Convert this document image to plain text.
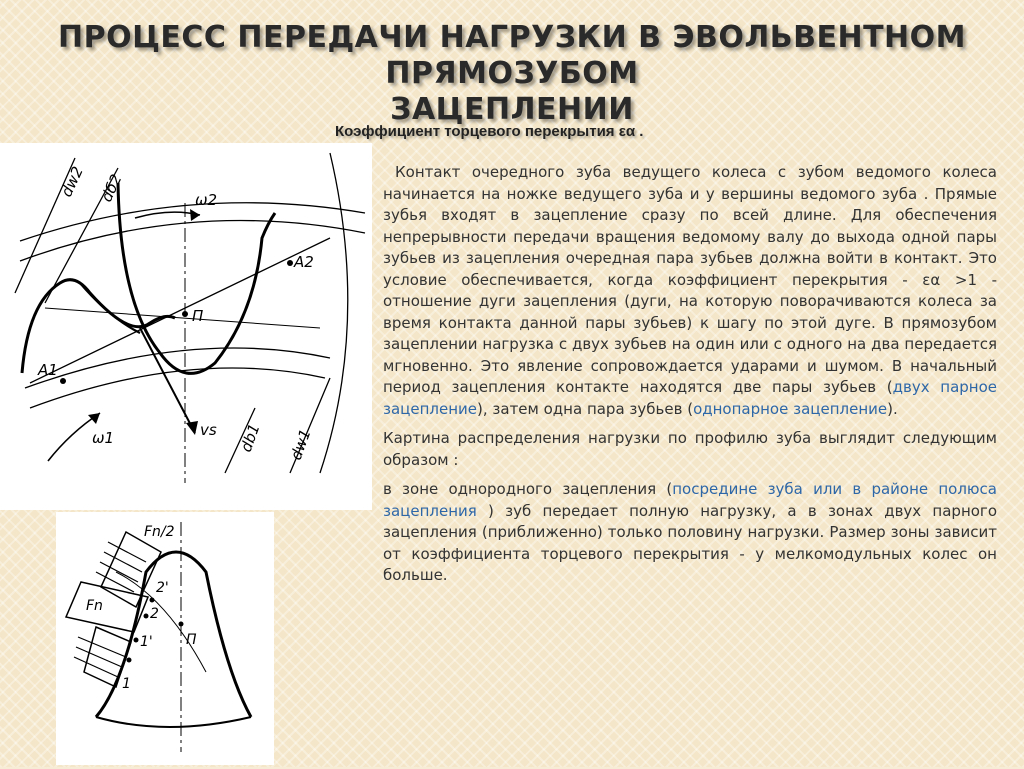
ПРОЦЕСС ПЕРЕДАЧИ НАГРУЗКИ В ЭВОЛЬВЕНТНОМ ПРЯМОЗУБОМ
ЗАЦЕПЛЕНИИ
Коэффициент торцевого перекрытия εα .
dw2 dб2	ω2
A2
П
A1
ω1	vs db1 dw1
Fn/2
Fn
2'
2
1'
1
П

Контакт очередного зуба ведущего колеса с зубом ведомого колеса начинается на ножке ведущего зуба и у вершины ведомого зуба . Прямые зубья входят в зацепление сразу по всей длине. Для обеспечения непрерывности передачи вращения ведомому валу до выхода одной пары зубьев из зацепления очередная пара зубьев должна войти в контакт. Это условие обеспечивается, когда коэффициент перекрытия - εα >1 - отношение дуги зацепления (дуги, на которую поворачиваются колеса за время контакта данной пары зубьев) к шагу по этой дуге. В прямозубом зацеплении нагрузка с двух зубьев на один или с одного на два передается мгновенно. Это явление сопровождается ударами и шумом. В начальный период зацепления контакте находятся две пары зубьев (двух парное зацепление), затем одна пара зубьев (однопарное зацепление).

Картина распределения нагрузки по профилю зуба выглядит следующим образом :

в зоне однородного зацепления (посредине зуба или в районе полюса зацепления ) зуб передает полную нагрузку, а в зонах двух парного зацепления (приближенно) только половину нагрузки. Размер зоны зависит от коэффициента торцевого перекрытия - у мелкомодульных колес он больше.
